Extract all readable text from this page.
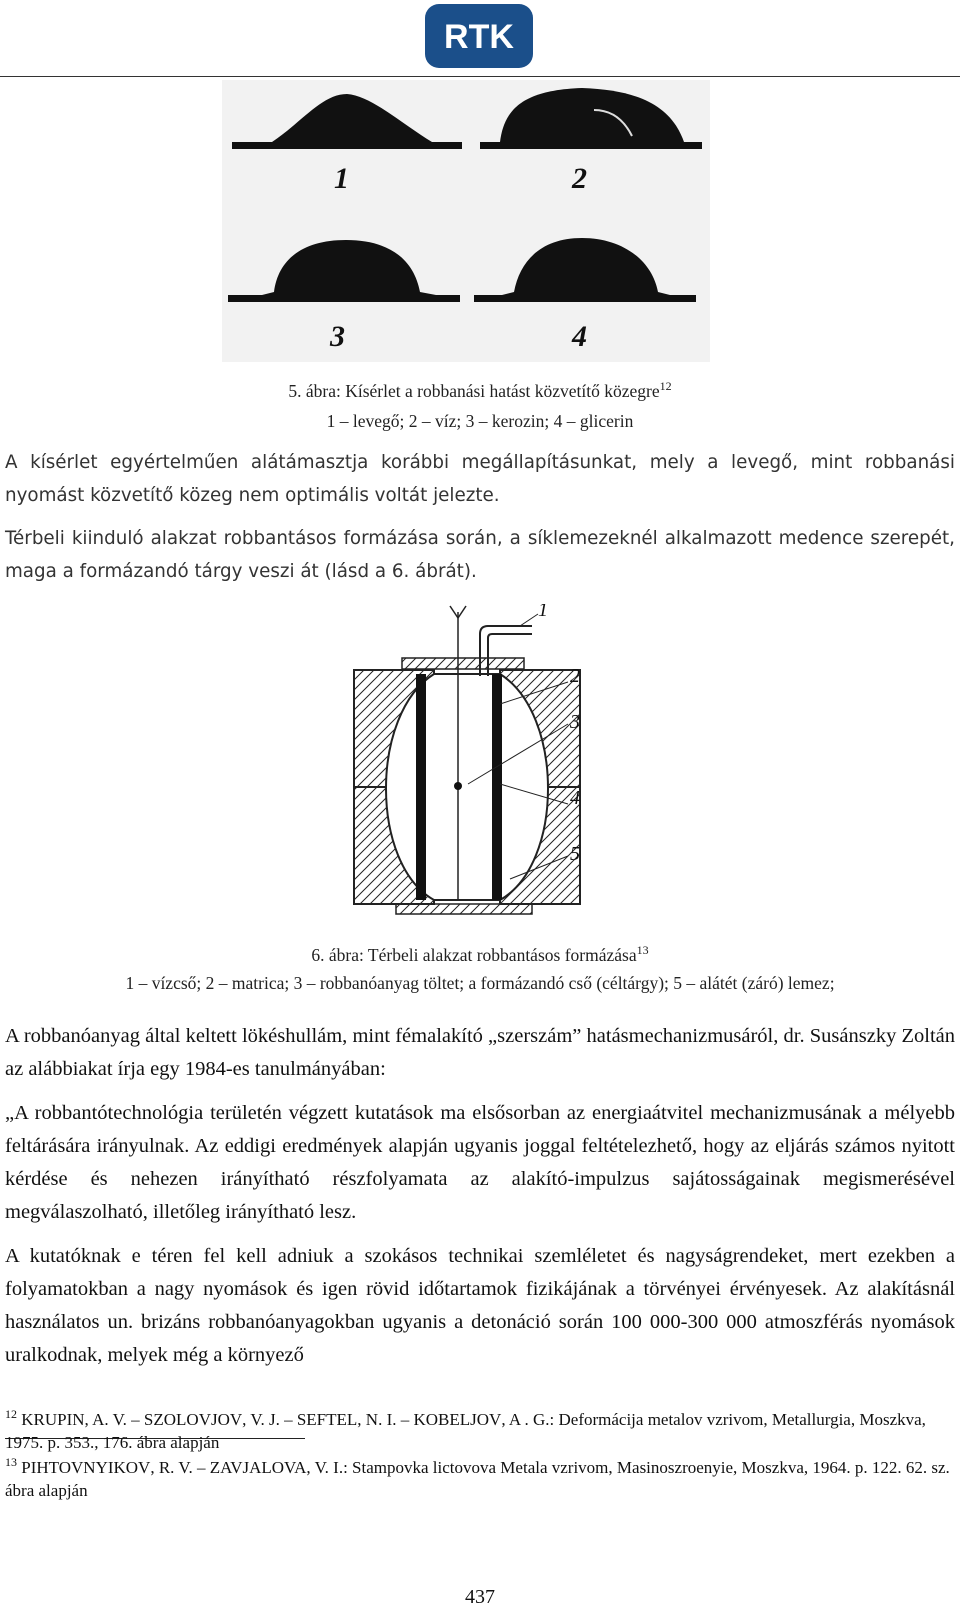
RTK
1	2
3	4
5. ábra: Kísérlet a robbanási hatást közvetítő közegre$^{12}$
1 – levegő; 2 – víz; 3 – kerozin; 4 – glicerin

A kísérlet egyértelműen alátámasztja korábbi megállapításunkat, mely a levegő, mint robbanási nyomást közvetítő közeg nem optimális voltát jelezte.

Térbeli kiinduló alakzat robbantásos formázása során, a síklemezeknél alkalmazott medence szerepét, maga a formázandó tárgy veszi át (lásd a 6. ábrát).

1
2
3
4
5
6. ábra: Térbeli alakzat robbantásos formázása$^{13}$
1 – vízcső; 2 – matrica; 3 – robbanóanyag töltet; a formázandó cső (céltárgy); 5 – alátét (záró) lemez;

A robbanóanyag által keltett lökéshullám, mint fémalakító „szerszám” hatásmechanizmusáról, dr. Susánszky Zoltán az alábbiakat írja egy 1984-es tanulmányában:

„A robbantótechnológia területén végzett kutatások ma elsősorban az energiaátvitel mechanizmusának a mélyebb feltárására irányulnak. Az eddigi eredmények alapján ugyanis joggal feltételezhető, hogy az eljárás számos nyitott kérdése és nehezen irányítható részfolyamata az alakító-impulzus sajátosságainak megismerésével megválaszolható, illetőleg irányítható lesz.

A kutatóknak e téren fel kell adniuk a szokásos technikai szemléletet és nagyságrendeket, mert ezekben a folyamatokban a nagy nyomások és igen rövid időtartamok fizikájának a törvényei érvényesek. Az alakításnál használatos un. brizáns robbanóanyagokban ugyanis a detonáció során 100 000-300 000 atmoszférás nyomások uralkodnak, melyek még a környező

$^{12}$ KRUPIN, A. V. – SZOLOVJOV, V. J. – SEFTEL, N. I. – KOBELJOV, A . G.: Deformácija metalov vzrivom, Metallurgia, Moszkva, 1975. p. 353., 176. ábra alapján

$^{13}$ PIHTOVNYIKOV, R. V. – ZAVJALOVA, V. I.: Stampovka lictovova Metala vzrivom, Masinoszroenyie, Moszkva, 1964. p. 122. 62. sz. ábra alapján

437
